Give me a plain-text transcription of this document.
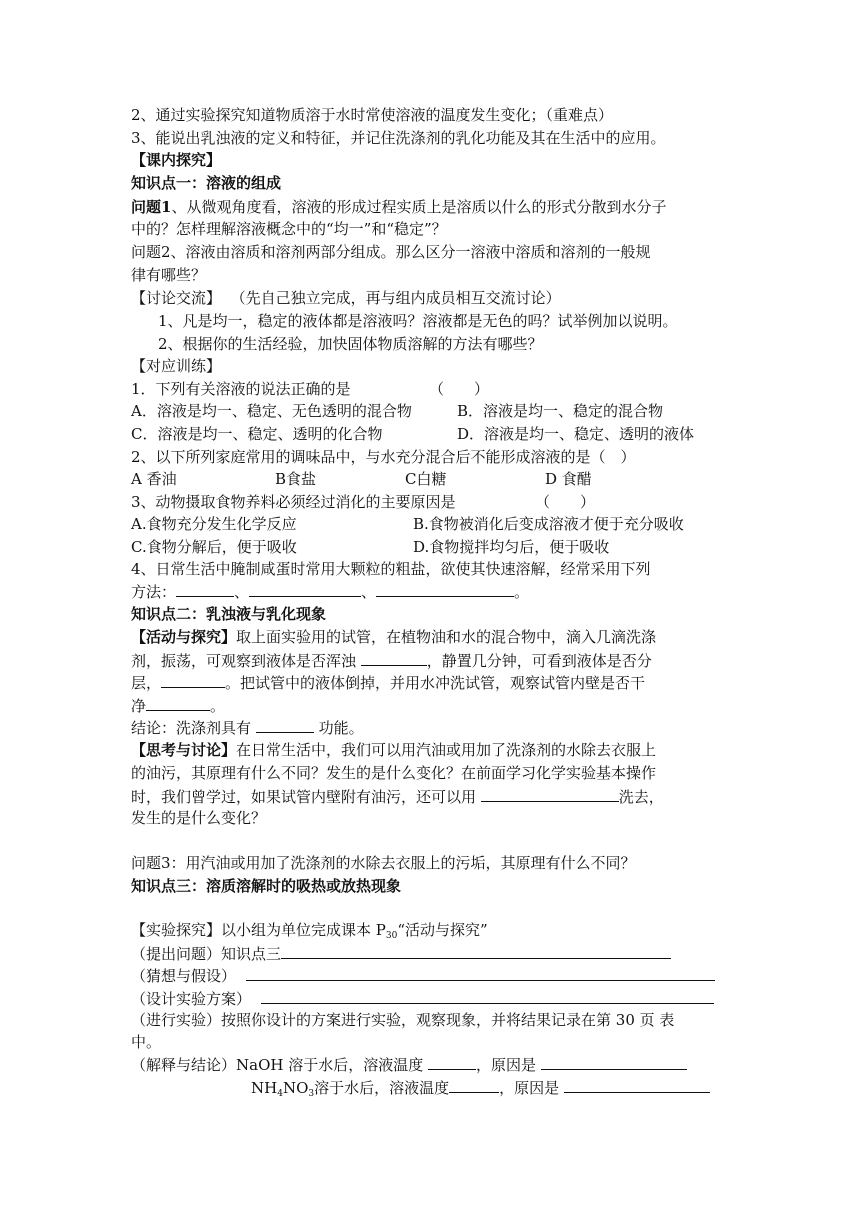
2、通过实验探究知道物质溶于水时常使溶液的温度发生变化；（重难点）
3、能说出乳浊液的定义和特征，并记住洗涤剂的乳化功能及其在生活中的应用。
【课内探究】
知识点一：溶液的组成
问题1、从微观角度看，溶液的形成过程实质上是溶质以什么的形式分散到水分子
中的？怎样理解溶液概念中的“均一”和“稳定”？
问题2、溶液由溶质和溶剂两部分组成。那么区分一溶液中溶质和溶剂的一般规
律有哪些？
【讨论交流】 （先自己独立完成，再与组内成员相互交流讨论）
1、凡是均一，稳定的液体都是溶液吗？溶液都是无色的吗？试举例加以说明。
2、根据你的生活经验，加快固体物质溶解的方法有哪些？
【对应训练】
1．下列有关溶液的说法正确的是	（　　）
A．溶液是均一、稳定、无色透明的混合物	B．溶液是均一、稳定的混合物
C．溶液是均一、稳定、透明的化合物	D．溶液是均一、稳定、透明的液体
2、以下所列家庭常用的调味品中，与水充分混合后不能形成溶液的是（　）
A 香油	B食盐	C白糖	D 食醋
3、动物摄取食物养料必须经过消化的主要原因是	（　　）
A.食物充分发生化学反应	B.食物被消化后变成溶液才便于充分吸收
C.食物分解后，便于吸收	D.食物搅拌均匀后，便于吸收
4、日常生活中腌制咸蛋时常用大颗粒的粗盐，欲使其快速溶解，经常采用下列
方法：	、	、	。
知识点二：乳浊液与乳化现象
【活动与探究】取上面实验用的试管，在植物油和水的混合物中，滴入几滴洗涤
剂，振荡，可观察到液体是否浑浊	，静置几分钟，可看到液体是否分
层，	。把试管中的液体倒掉，并用水冲洗试管，观察试管内壁是否干
净	。
结论：洗涤剂具有	功能。
【思考与讨论】在日常生活中，我们可以用汽油或用加了洗涤剂的水除去衣服上
的油污，其原理有什么不同？发生的是什么变化？在前面学习化学实验基本操作
时，我们曾学过，如果试管内壁附有油污，还可以用	洗去，
发生的是什么变化？
问题3：用汽油或用加了洗涤剂的水除去衣服上的污垢，其原理有什么不同？
知识点三：溶质溶解时的吸热或放热现象
【实验探究】以小组为单位完成课本 $P_{30}“$活动与探究”
（提出问题）知识点三
（猜想与假设）
（设计实验方案）
（进行实验）按照你设计的方案进行实验，观察现象，并将结果记录在第 30 页 表
中。
（解释与结论）NaOH 溶于水后，溶液温度	，原因是
$NH_4NO_3$溶于水后，溶液温度	，原因是
